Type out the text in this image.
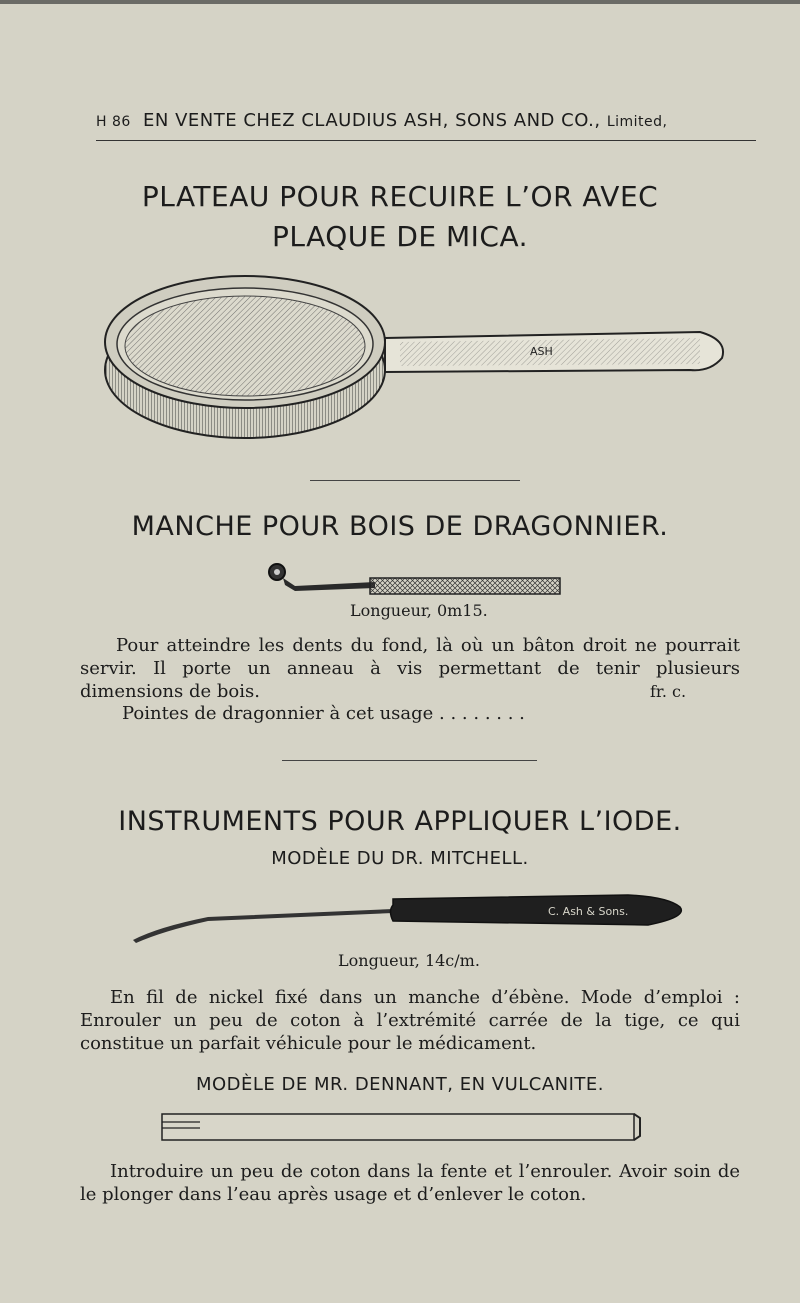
H 86 EN VENTE CHEZ CLAUDIUS ASH, SONS AND CO., Limited,
PLATEAU POUR RECUIRE L’OR AVEC
PLAQUE DE MICA.
ASH
MANCHE POUR BOIS DE DRAGONNIER.
Longueur, 0m15.
Pour atteindre les dents du fond, là où un bâton droit ne pourrait servir. Il porte un anneau à vis permettant de tenir plusieurs dimensions de bois.	fr. c.
Pointes de dragonnier à cet usage . . . . . . . .
INSTRUMENTS POUR APPLIQUER L’IODE.
MODÈLE DU DR. MITCHELL.
C. Ash & Sons.
Longueur, 14c/m.
En fil de nickel fixé dans un manche d’ébène. Mode d’emploi : Enrouler un peu de coton à l’extrémité carrée de la tige, ce qui constitue un parfait véhicule pour le médicament.
MODÈLE DE MR. DENNANT, EN VULCANITE.
Introduire un peu de coton dans la fente et l’enrouler. Avoir soin de le plonger dans l’eau après usage et d’enlever le coton.
